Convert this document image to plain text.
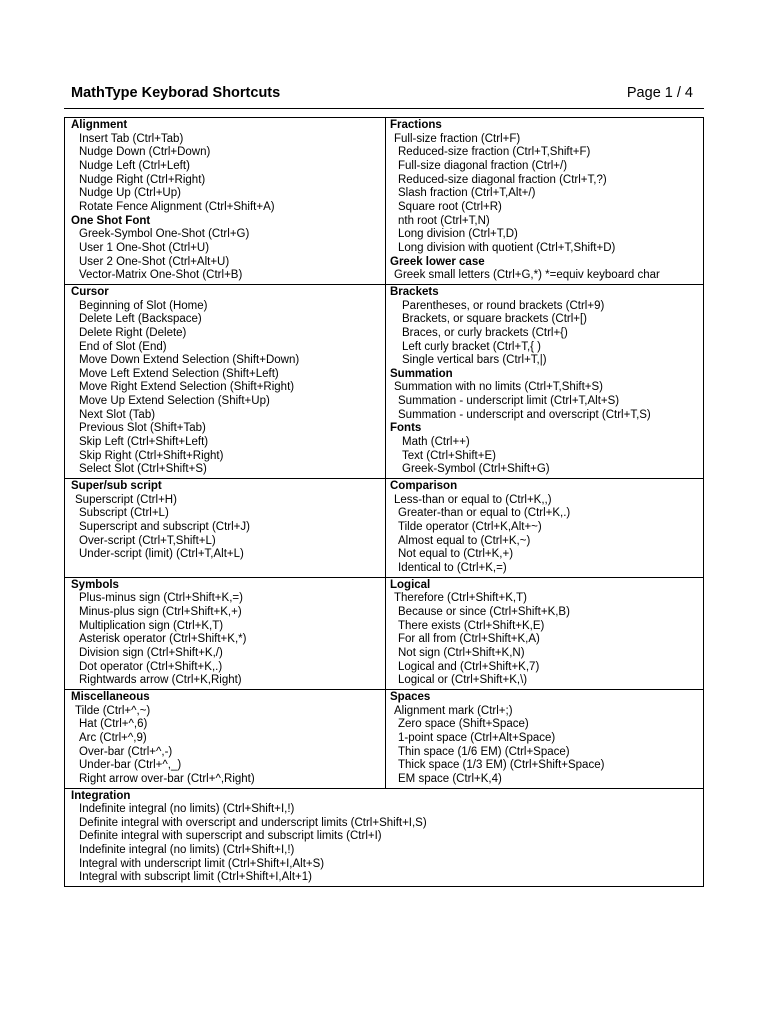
MathType Keyborad Shortcuts	Page 1 / 4
Alignment
Insert Tab (Ctrl+Tab)
Nudge Down (Ctrl+Down)
Nudge Left (Ctrl+Left)
Nudge Right (Ctrl+Right)
Nudge Up (Ctrl+Up)
Rotate Fence Alignment (Ctrl+Shift+A)
One Shot Font
Greek-Symbol One-Shot (Ctrl+G)
User 1 One-Shot (Ctrl+U)
User 2 One-Shot (Ctrl+Alt+U)
Vector-Matrix One-Shot (Ctrl+B)
Fractions
Full-size fraction (Ctrl+F)
Reduced-size fraction (Ctrl+T,Shift+F)
Full-size diagonal fraction (Ctrl+/)
Reduced-size diagonal fraction (Ctrl+T,?)
Slash fraction (Ctrl+T,Alt+/)
Square root (Ctrl+R)
nth root (Ctrl+T,N)
Long division (Ctrl+T,D)
Long division with quotient (Ctrl+T,Shift+D)
Greek lower case
Greek small letters (Ctrl+G,*) *=equiv keyboard char
Cursor
Beginning of Slot (Home)
Delete Left (Backspace)
Delete Right (Delete)
End of Slot (End)
Move Down Extend Selection (Shift+Down)
Move Left Extend Selection (Shift+Left)
Move Right Extend Selection (Shift+Right)
Move Up Extend Selection (Shift+Up)
Next Slot (Tab)
Previous Slot (Shift+Tab)
Skip Left (Ctrl+Shift+Left)
Skip Right (Ctrl+Shift+Right)
Select Slot (Ctrl+Shift+S)
Brackets
Parentheses, or round brackets (Ctrl+9)
Brackets, or square brackets (Ctrl+[)
Braces, or curly brackets (Ctrl+{)
Left curly bracket (Ctrl+T,{ )
Single vertical bars (Ctrl+T,|)
Summation
Summation with no limits (Ctrl+T,Shift+S)
Summation - underscript limit (Ctrl+T,Alt+S)
Summation - underscript and overscript (Ctrl+T,S)
Fonts
Math (Ctrl++)
Text (Ctrl+Shift+E)
Greek-Symbol (Ctrl+Shift+G)
Super/sub script
Superscript (Ctrl+H)
Subscript (Ctrl+L)
Superscript and subscript (Ctrl+J)
Over-script (Ctrl+T,Shift+L)
Under-script (limit) (Ctrl+T,Alt+L)
Comparison
Less-than or equal to (Ctrl+K,,)
Greater-than or equal to (Ctrl+K,.)
Tilde operator (Ctrl+K,Alt+~)
Almost equal to (Ctrl+K,~)
Not equal to (Ctrl+K,+)
Identical to (Ctrl+K,=)
Symbols
Plus-minus sign (Ctrl+Shift+K,=)
Minus-plus sign (Ctrl+Shift+K,+)
Multiplication sign (Ctrl+K,T)
Asterisk operator (Ctrl+Shift+K,*)
Division sign (Ctrl+Shift+K,/)
Dot operator (Ctrl+Shift+K,.)
Rightwards arrow (Ctrl+K,Right)
Logical
Therefore (Ctrl+Shift+K,T)
Because or since (Ctrl+Shift+K,B)
There exists (Ctrl+Shift+K,E)
For all from (Ctrl+Shift+K,A)
Not sign (Ctrl+Shift+K,N)
Logical and (Ctrl+Shift+K,7)
Logical or (Ctrl+Shift+K,\)
Miscellaneous
Tilde (Ctrl+^,~)
Hat (Ctrl+^,6)
Arc (Ctrl+^,9)
Over-bar (Ctrl+^,-)
Under-bar (Ctrl+^,_)
Right arrow over-bar (Ctrl+^,Right)
Spaces
Alignment mark (Ctrl+;)
Zero space (Shift+Space)
1-point space (Ctrl+Alt+Space)
Thin space (1/6 EM) (Ctrl+Space)
Thick space (1/3 EM) (Ctrl+Shift+Space)
EM space (Ctrl+K,4)
Integration
Indefinite integral (no limits) (Ctrl+Shift+I,!)
Definite integral with overscript and underscript limits (Ctrl+Shift+I,S)
Definite integral with superscript and subscript limits (Ctrl+I)
Indefinite integral (no limits) (Ctrl+Shift+I,!)
Integral with underscript limit (Ctrl+Shift+I,Alt+S)
Integral with subscript limit (Ctrl+Shift+I,Alt+1)
